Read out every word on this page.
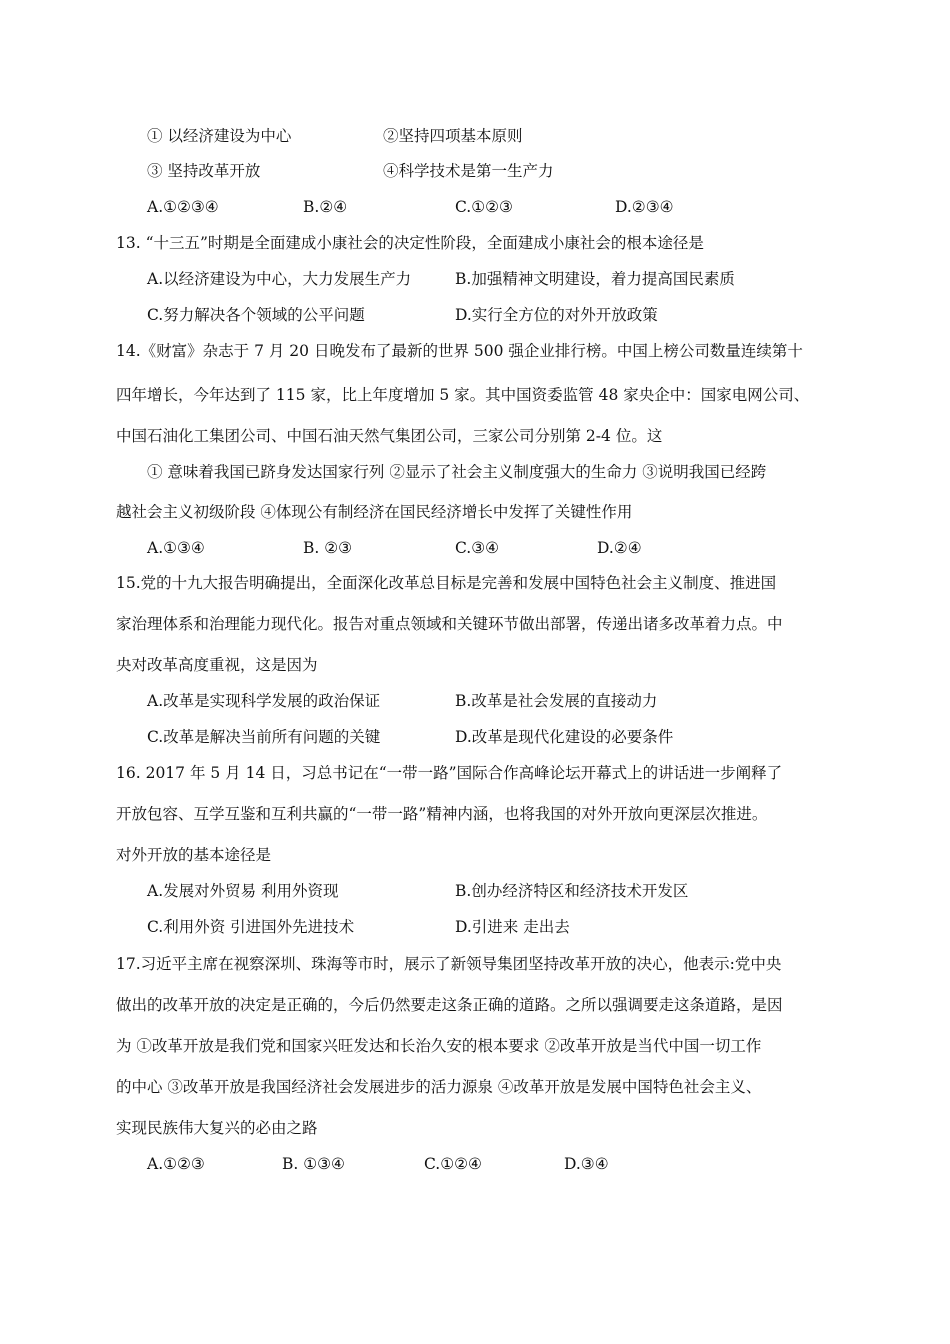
① 以经济建设为中心	②坚持四项基本原则
③ 坚持改革开放	④科学技术是第一生产力
A.①②③④	B.②④	C.①②③	D.②③④
13. “十三五”时期是全面建成小康社会的决定性阶段，全面建成小康社会的根本途径是
A.以经济建设为中心，大力发展生产力	B.加强精神文明建设，着力提高国民素质
C.努力解决各个领域的公平问题	D.实行全方位的对外开放政策
14.《财富》杂志于 7 月 20 日晚发布了最新的世界 500 强企业排行榜。中国上榜公司数量连续第十
四年增长，今年达到了 115 家，比上年度增加 5 家。其中国资委监管 48 家央企中：国家电网公司、
中国石油化工集团公司、中国石油天然气集团公司，三家公司分别第 2-4 位。这
① 意味着我国已跻身发达国家行列 ②显示了社会主义制度强大的生命力 ③说明我国已经跨
越社会主义初级阶段 ④体现公有制经济在国民经济增长中发挥了关键性作用
A.①③④	B. ②③	C.③④	D.②④
15.党的十九大报告明确提出，全面深化改革总目标是完善和发展中国特色社会主义制度、推进国
家治理体系和治理能力现代化。报告对重点领域和关键环节做出部署，传递出诸多改革着力点。中
央对改革高度重视，这是因为
A.改革是实现科学发展的政治保证	B.改革是社会发展的直接动力
C.改革是解决当前所有问题的关键	D.改革是现代化建设的必要条件
16. 2017 年 5 月 14 日，习总书记在“一带一路”国际合作高峰论坛开幕式上的讲话进一步阐释了
开放包容、互学互鉴和互利共赢的“一带一路”精神内涵，也将我国的对外开放向更深层次推进。
对外开放的基本途径是
A.发展对外贸易 利用外资现	B.创办经济特区和经济技术开发区
C.利用外资 引进国外先进技术	D.引进来 走出去
17.习近平主席在视察深圳、珠海等市时，展示了新领导集团坚持改革开放的决心，他表示:党中央
做出的改革开放的决定是正确的，今后仍然要走这条正确的道路。之所以强调要走这条道路，是因
为 ①改革开放是我们党和国家兴旺发达和长治久安的根本要求 ②改革开放是当代中国一切工作
的中心 ③改革开放是我国经济社会发展进步的活力源泉 ④改革开放是发展中国特色社会主义、
实现民族伟大复兴的必由之路
A.①②③	B. ①③④	C.①②④	D.③④
